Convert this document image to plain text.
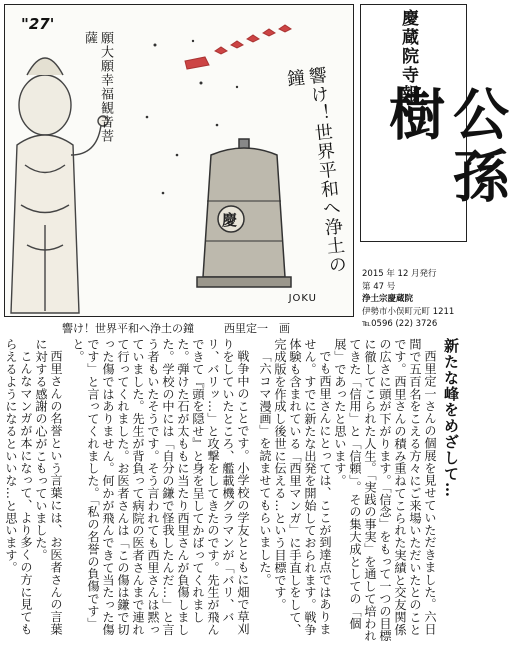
"27'
願大願幸福観音菩薩
響け！世界平和へ浄土の鐘
慶
JOKU
響け！世界平和へ浄土の鐘	西里定一　画
慶蔵院寺報
公孫樹
2015 年 12 月発行
第 47 号
浄土宗慶蔵院
伊勢市小俣町元町 1211
℡0596 (22) 3726
新たな峰をめざして…

西里定一さんの個展を見せていただきました。六日間で五百名をこえる方々にご来場いただいたとのことです。西里さんの積み重ねてこられた実績と交友関係の広さに頭が下がります。「信念」をもって一つの目標に徹してこられた人生。「実践の事実」を通して培われてきた「信用」と「信頼」。その集大成としての「個展」であったと思います。

でも西里さんにとっては、ここが到達点ではありません。すでに新たな出発を開始しておられます。戦争体験も含まれている「西里マンガ」に手直しをして、完成版を作成し後世に伝える…という目標です。

「六コマ漫画」を読ませてもらいました。

戦争中のことです。小学校の学友とともに畑で草刈りをしていたところ、艦載機グラマンが「バリ、バリ、バリッ…」と攻撃をしてきたのです。先生が飛んできて『頭を隠せ』と身を呈してかばってくれました。弾けた石が太ももに当たり西里さんが負傷しました。学校の中には「自分の鎌で怪我したんだ…」と言う者もいたそうです。そう言われても西里さんは黙っていました。先生が背負って病院の医者さんまで連れて行ってくれました。お医者さんは「この傷は鎌で切った傷ではありません。何かが飛んできて当たった傷です」と言ってくれました。「私の名誉の負傷です」と。

西里さんの名誉という言葉には、お医者さんの言葉に対する感謝の心がこもっていました。

こんなマンガが本になって、より多くの方に見てもらえるようになるといいな…と思います。
